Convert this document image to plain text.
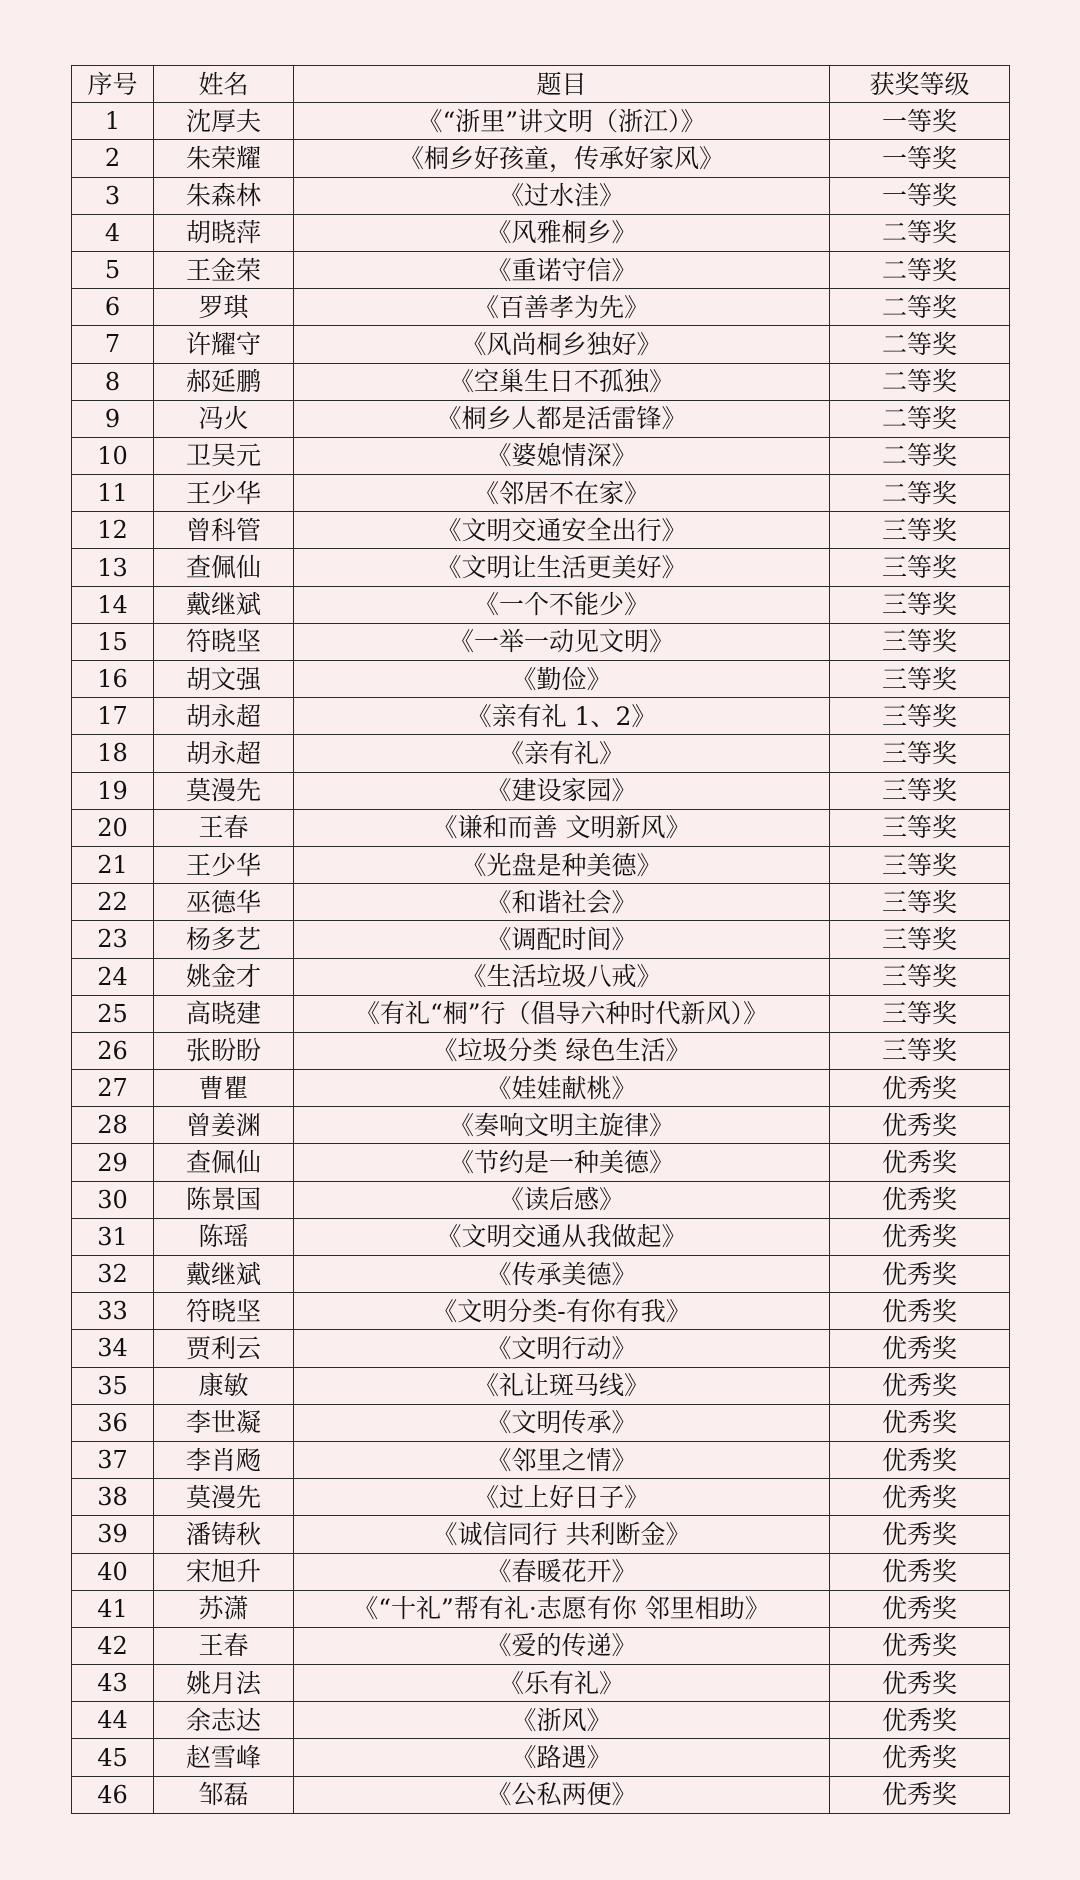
序号	姓名	题目	获奖等级
1	沈厚夫	《“浙里”讲文明（浙江）》	一等奖
2	朱荣耀	《桐乡好孩童，传承好家风》	一等奖
3	朱森林	《过水洼》	一等奖
4	胡晓萍	《风雅桐乡》	二等奖
5	王金荣	《重诺守信》	二等奖
6	罗琪	《百善孝为先》	二等奖
7	许耀守	《风尚桐乡独好》	二等奖
8	郝延鹏	《空巢生日不孤独》	二等奖
9	冯火	《桐乡人都是活雷锋》	二等奖
10	卫吴元	《婆媳情深》	二等奖
11	王少华	《邻居不在家》	二等奖
12	曾科管	《文明交通安全出行》	三等奖
13	查佩仙	《文明让生活更美好》	三等奖
14	戴继斌	《一个不能少》	三等奖
15	符晓坚	《一举一动见文明》	三等奖
16	胡文强	《勤俭》	三等奖
17	胡永超	《亲有礼 1、2》	三等奖
18	胡永超	《亲有礼》	三等奖
19	莫漫先	《建设家园》	三等奖
20	王春	《谦和而善 文明新风》	三等奖
21	王少华	《光盘是种美德》	三等奖
22	巫德华	《和谐社会》	三等奖
23	杨多艺	《调配时间》	三等奖
24	姚金才	《生活垃圾八戒》	三等奖
25	高晓建	《有礼“桐”行（倡导六种时代新风）》	三等奖
26	张盼盼	《垃圾分类 绿色生活》	三等奖
27	曹瞿	《娃娃献桃》	优秀奖
28	曾姜渊	《奏响文明主旋律》	优秀奖
29	查佩仙	《节约是一种美德》	优秀奖
30	陈景国	《读后感》	优秀奖
31	陈瑶	《文明交通从我做起》	优秀奖
32	戴继斌	《传承美德》	优秀奖
33	符晓坚	《文明分类-有你有我》	优秀奖
34	贾利云	《文明行动》	优秀奖
35	康敏	《礼让斑马线》	优秀奖
36	李世凝	《文明传承》	优秀奖
37	李肖飏	《邻里之情》	优秀奖
38	莫漫先	《过上好日子》	优秀奖
39	潘铸秋	《诚信同行 共利断金》	优秀奖
40	宋旭升	《春暖花开》	优秀奖
41	苏潇	《“十礼”帮有礼·志愿有你 邻里相助》	优秀奖
42	王春	《爱的传递》	优秀奖
43	姚月法	《乐有礼》	优秀奖
44	余志达	《浙风》	优秀奖
45	赵雪峰	《路遇》	优秀奖
46	邹磊	《公私两便》	优秀奖
